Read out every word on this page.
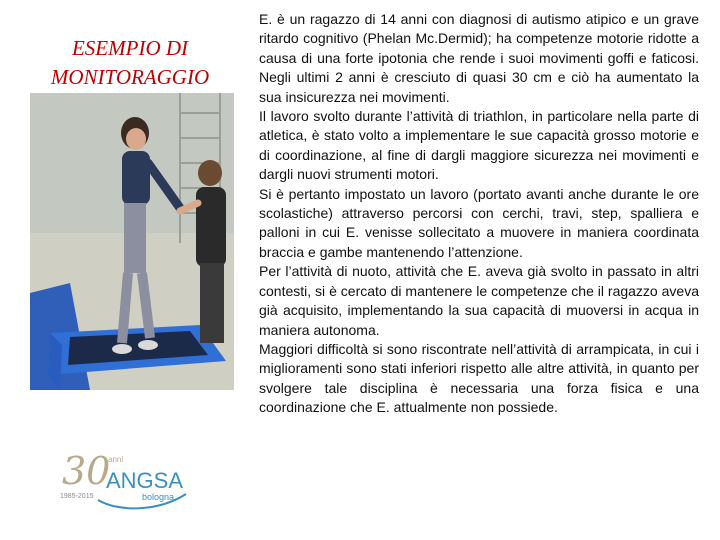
ESEMPIO DI
MONITORAGGIO
30
anni
ANGSA
bologna
1985-2015

E. è un ragazzo di 14 anni con diagnosi di autismo atipico e un grave ritardo cognitivo (Phelan Mc.Dermid); ha competenze motorie ridotte a causa di una forte ipotonia che rende i suoi movimenti goffi e faticosi. Negli ultimi 2 anni è cresciuto di quasi 30 cm e ciò ha aumentato la sua insicurezza nei movimenti.

Il lavoro svolto durante l’attività di triathlon, in particolare nella parte di atletica, è stato volto a implementare le sue capacità grosso motorie e di coordinazione, al fine di dargli maggiore sicurezza nei movimenti e dargli nuovi strumenti motori.

Si è pertanto impostato un lavoro (portato avanti anche durante le ore scolastiche) attraverso percorsi con cerchi, travi, step, spalliera e palloni in cui E. venisse sollecitato a muovere in maniera coordinata braccia e gambe mantenendo l’attenzione.

Per l’attività di nuoto, attività che E. aveva già svolto in passato in altri contesti, si è cercato di mantenere le competenze che il ragazzo aveva già acquisito, implementando la sua capacità di muoversi in acqua in maniera autonoma.

Maggiori difficoltà si sono riscontrate nell’attività di arrampicata, in cui i miglioramenti sono stati inferiori rispetto alle altre attività, in quanto per svolgere tale disciplina è necessaria una forza fisica e una coordinazione che E. attualmente non possiede.
